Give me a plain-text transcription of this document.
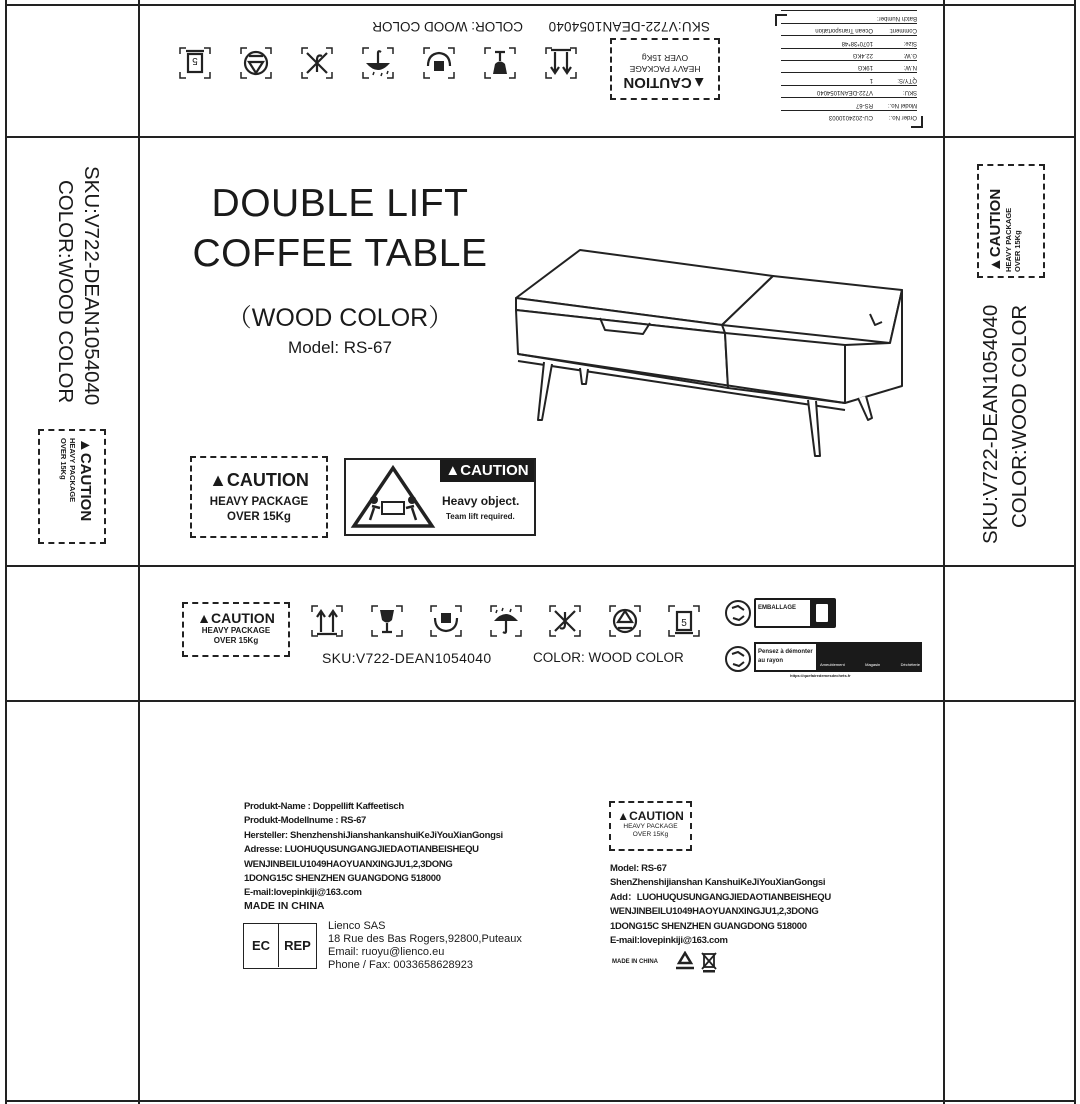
Order No.:
CU-2024010003
Model No.:
RS-67
SKU:
V722-DEAN1054040
QTY/S:
1
N.W:
19KG
G.W:
22.4KG
Size:
1070*38*48
Comment:
Ocean Transportation
Batch Number:
▲CAUTION
HEAVY PACKAGE
OVER 15Kg
5
SKU:V722-DEAN1054040
COLOR: WOOD COLOR
SKU:V722-DEAN1054040
COLOR:WOOD COLOR
▲CAUTION
HEAVY PACKAGE
OVER 15Kg
▲CAUTION HEAVY PACKAGE OVER 15Kg
SKU:V722-DEAN1054040 COLOR:WOOD COLOR
DOUBLE LIFT
COFFEE TABLE
（WOOD COLOR）
Model: RS-67
▲CAUTION
HEAVY PACKAGE
OVER 15Kg
▲CAUTION
Heavy object.
Team lift required.
▲CAUTION
HEAVY PACKAGE
OVER 15Kg
5
SKU:V722-DEAN1054040	COLOR: WOOD COLOR
EMBALLAGE
Pensez à démonter au rayon
Ameublement	Magasin	Déchèterie
https://quefairedemesdechets.fr
Produkt-Name : Doppellift Kaffeetisch
Produkt-Modellnume : RS-67
Hersteller: ShenzhenshiJianshankanshuiKeJiYouXianGongsi
Adresse: LUOHUQUSUNGANGJIEDAOTIANBEISHEQU
WENJINBEILU1049HAOYUANXINGJU1,2,3DONG
1DONG15C SHENZHEN GUANGDONG 518000
E-mail:lovepinkiji@163.com
MADE IN CHINA
EC	REP
Lienco SAS
18 Rue des Bas Rogers,92800,Puteaux
Email: ruoyu@lienco.eu
Phone / Fax: 0033658628923
▲CAUTION
HEAVY PACKAGE
OVER 15Kg
Model: RS-67
ShenZhenshijianshan KanshuiKeJiYouXianGongsi
Add：LUOHUQUSUNGANGJIEDAOTIANBEISHEQU
WENJINBEILU1049HAOYUANXINGJU1,2,3DONG
1DONG15C SHENZHEN GUANGDONG 518000
E-mail:lovepinkiji@163.com
MADE IN CHINA
